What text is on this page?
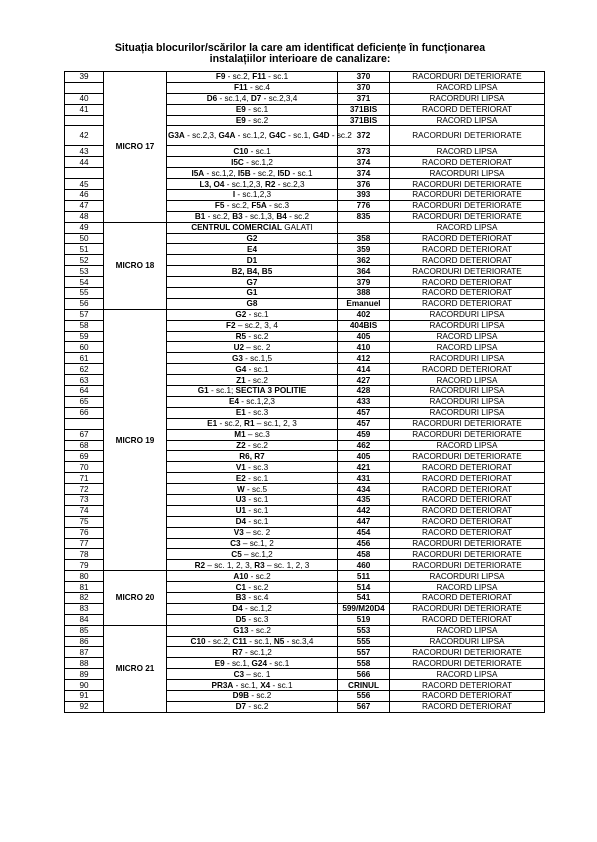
Situația blocurilor/scărilor la care am identificat deficiențe în funcționarea
instalațiilor interioare de canalizare:
39	MICRO 17	F9 - sc.2, F11 - sc.1	370	RACORDURI DETERIORATE
		F11 - sc.4	370	RACORD LIPSA
40		D6 - sc.1,4, D7 - sc.2,3,4	371	RACORDURI LIPSA
41		E9 - sc.1	371BIS	RACORD DETERIORAT
		E9 - sc.2	371BIS	RACORD LIPSA
42		G3A - sc.2,3, G4A - sc.1,2, G4C - sc.1, G4D - sc.2	372	RACORDURI DETERIORATE
43		C10 - sc.1	373	RACORD LIPSA
44		I5C - sc.1,2	374	RACORD DETERIORAT
		I5A - sc.1,2, I5B - sc.2, I5D - sc.1	374	RACORDURI LIPSA
45		L3, O4 - sc.1,2,3, R2 - sc.2,3	376	RACORDURI DETERIORATE
46		I - sc.1,2,3	393	RACORDURI DETERIORATE
47		F5 - sc.2, F5A - sc.3	776	RACORDURI DETERIORATE
48		B1 - sc.2, B3 - sc.1,3, B4 - sc.2	835	RACORDURI DETERIORATE
49	MICRO 18	CENTRUL COMERCIAL GALATI		RACORD LIPSA
50		G2	358	RACORD DETERIORAT
51		E4	359	RACORD DETERIORAT
52		D1	362	RACORD DETERIORAT
53		B2, B4, B5	364	RACORDURI DETERIORATE
54		G7	379	RACORD DETERIORAT
55		G1	388	RACORD DETERIORAT
56		G8	Emanuel	RACORD DETERIORAT
57	MICRO 19	G2 - sc.1	402	RACORDURI LIPSA
58		F2 – sc.2, 3, 4	404BIS	RACORDURI LIPSA
59		R5 - sc.2	405	RACORD LIPSA
60		U2 – sc. 2	410	RACORD LIPSA
61		G3 - sc.1,5	412	RACORDURI LIPSA
62		G4 - sc.1	414	RACORD DETERIORAT
63		Z1 - sc.2	427	RACORD LIPSA
64		G1 - sc.1; SECTIA 3 POLITIE	428	RACORDURI LIPSA
65		E4 - sc.1,2,3	433	RACORDURI LIPSA
66		E1 - sc.3	457	RACORDURI LIPSA
		E1 - sc.2, R1 – sc.1, 2, 3	457	RACORDURI DETERIORATE
67		M1 – sc.3	459	RACORDURI DETERIORATE
68		Z2 - sc.2	462	RACORD LIPSA
69		R6, R7	405	RACORDURI DETERIORATE
70		V1 - sc.3	421	RACORD DETERIORAT
71		E2 - sc.1	431	RACORD DETERIORAT
72		W - sc.5	434	RACORD DETERIORAT
73		U3 - sc.1	435	RACORD DETERIORAT
74		U1 - sc.1	442	RACORD DETERIORAT
75		D4 - sc.1	447	RACORD DETERIORAT
76		V3 – sc. 2	454	RACORD DETERIORAT
77		C3 – sc.1, 2	456	RACORDURI DETERIORATE
78		C5 – sc.1,2	458	RACORDURI DETERIORATE
79		R2 – sc. 1, 2, 3, R3 – sc. 1, 2, 3	460	RACORDURI DETERIORATE
80	MICRO 20	A10 - sc.2	511	RACORDURI LIPSA
81		C1 - sc.2	514	RACORD LIPSA
82		B3 - sc.4	541	RACORD DETERIORAT
83		D4 - sc.1,2	599/M20D4	RACORDURI DETERIORATE
84		D5 - sc.3	519	RACORD DETERIORAT
85	MICRO 21	G13 - sc.2	553	RACORD LIPSA
86		C10 - sc.2, C11 - sc.1, N5 - sc.3,4	555	RACORDURI LIPSA
87		R7 - sc.1,2	557	RACORDURI DETERIORATE
88		E9 - sc.1, G24 - sc.1	558	RACORDURI DETERIORATE
89		C3 – sc. 1	566	RACORD LIPSA
90		PR3A - sc.1, X4 - sc.1	CRINUL	RACORD DETERIORAT
91		D9B - sc.2	556	RACORD DETERIORAT
92		D7 - sc.2	567	RACORD DETERIORAT
